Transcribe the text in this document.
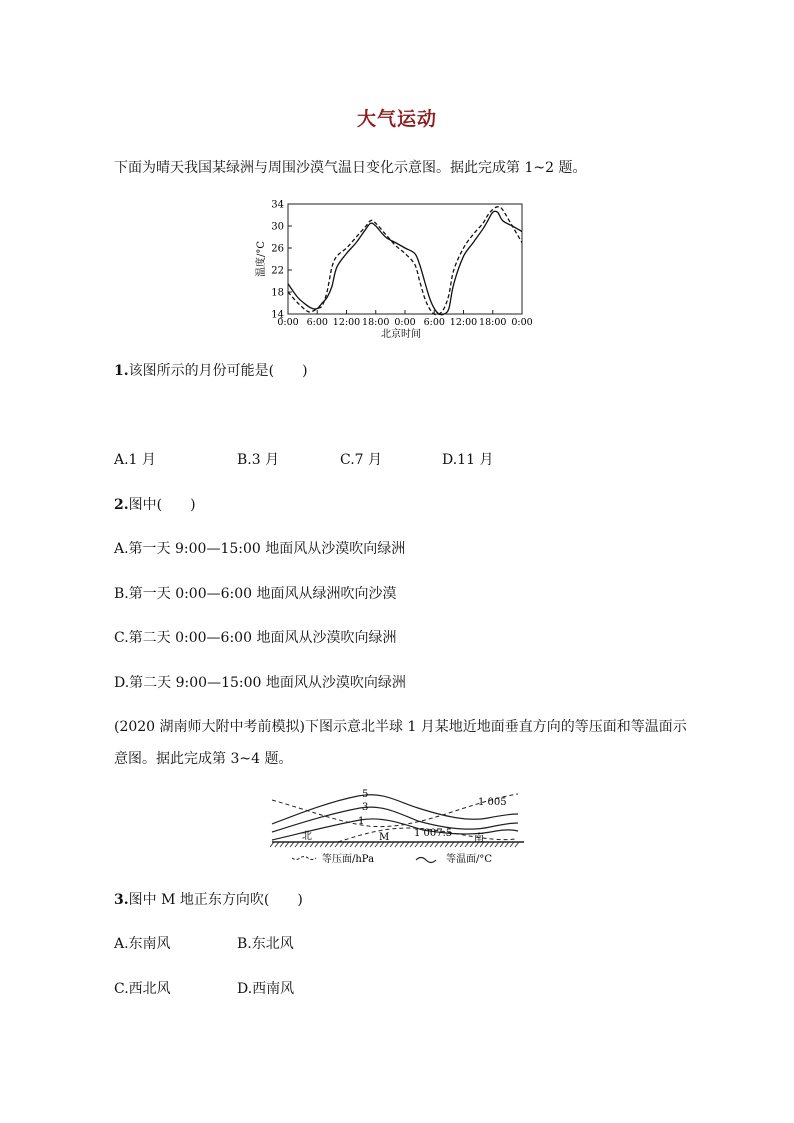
大气运动
下面为晴天我国某绿洲与周围沙漠气温日变化示意图。据此完成第 1~2 题。
14
18
22
26
30
34
0:00 6:00 12:00 18:00 0:00 6:00 12:00 18:00 0:00
温度/°C
北京时间
1.该图所示的月份可能是(　　)
A.1 月	B.3 月	C.7 月	D.11 月
2.图中(　　)
A.第一天 9:00—15:00 地面风从沙漠吹向绿洲
B.第一天 0:00—6:00 地面风从绿洲吹向沙漠
C.第二天 0:00—6:00 地面风从沙漠吹向绿洲
D.第二天 9:00—15:00 地面风从沙漠吹向绿洲
(2020 湖南师大附中考前模拟)下图示意北半球 1 月某地近地面垂直方向的等压面和等温面示
意图。据此完成第 3~4 题。
5
3
1
北	M	南
1 005
1 007.5
等压面/hPa	等温面/°C
3.图中 M 地正东方向吹(　　)
A.东南风	B.东北风
C.西北风	D.西南风
